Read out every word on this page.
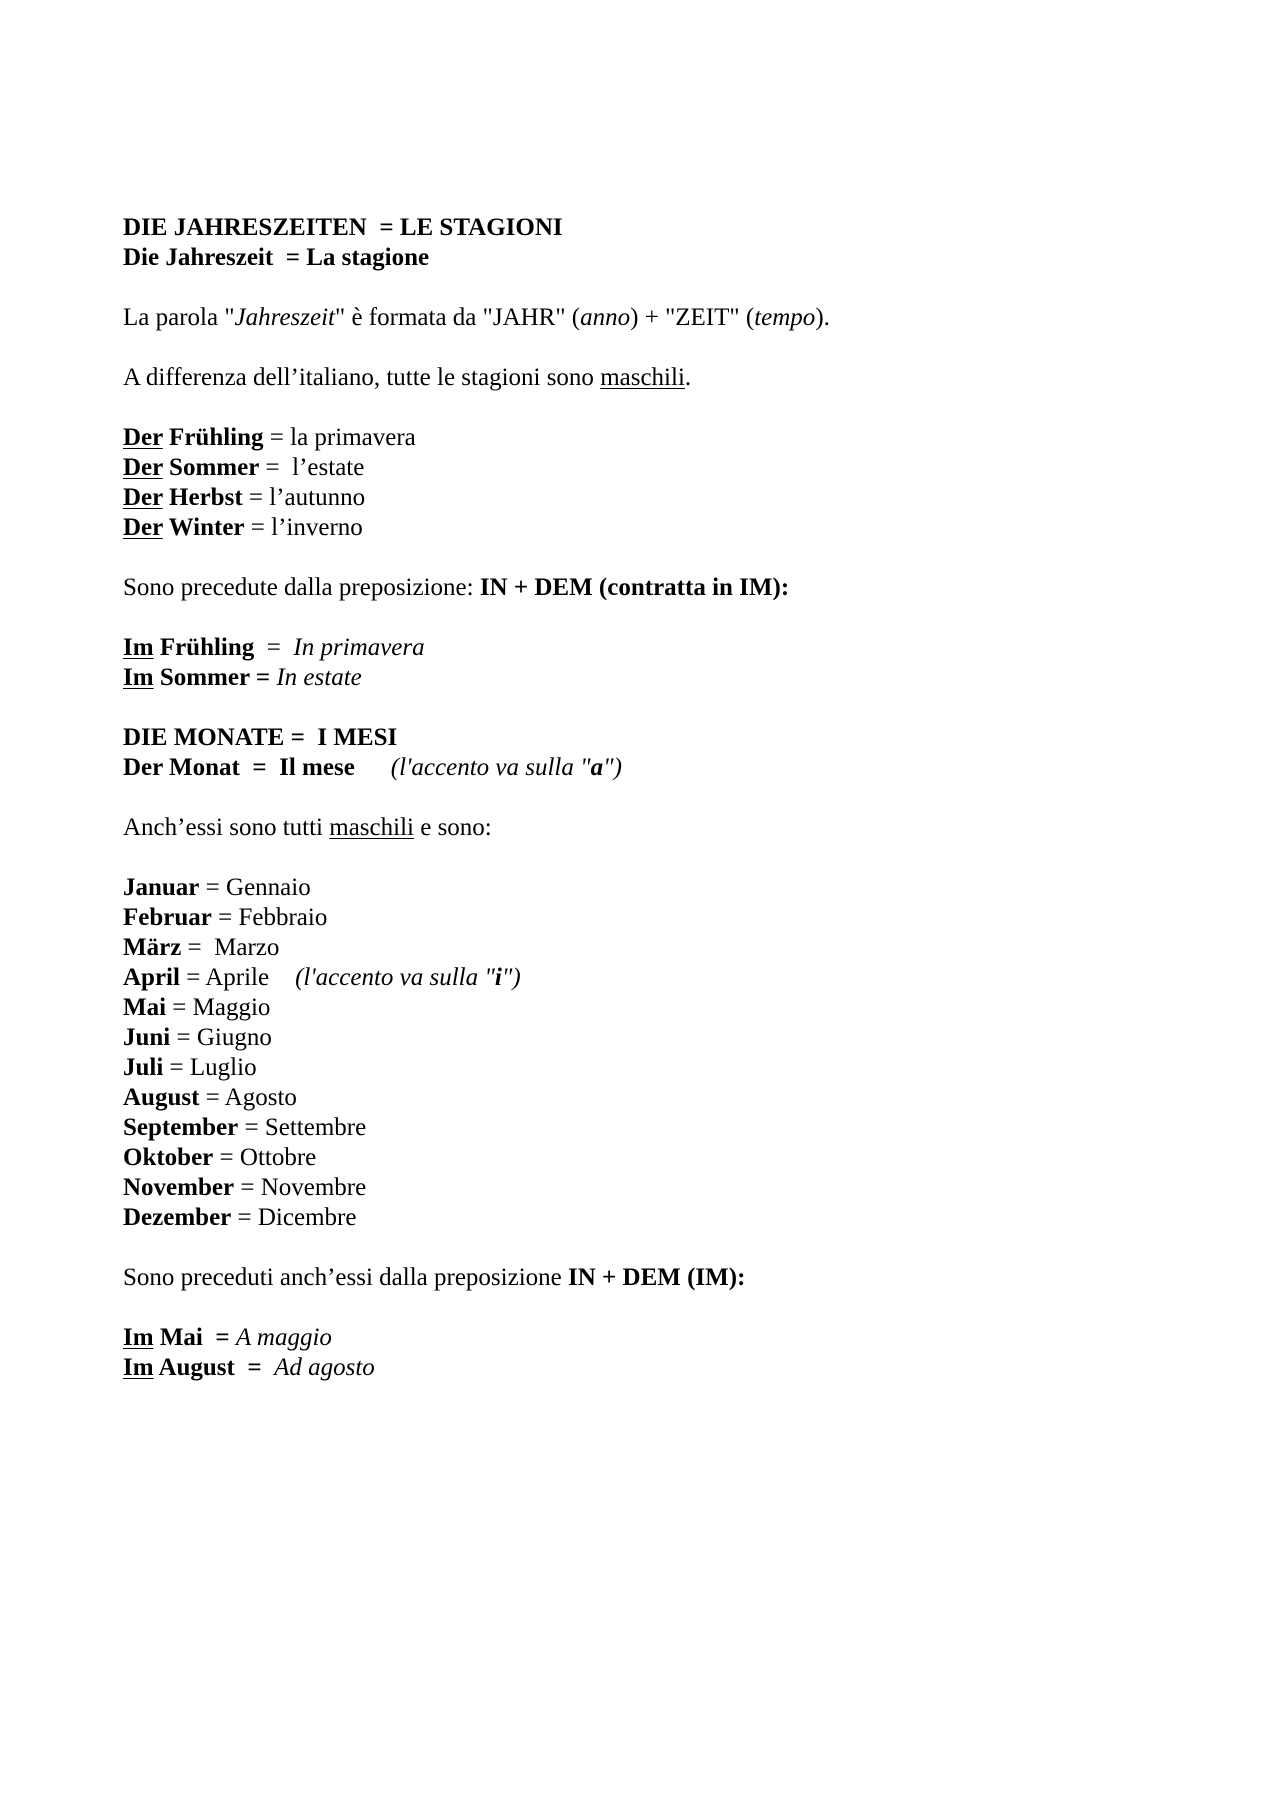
DIE JAHRESZEITEN = LE STAGIONI
Die Jahreszeit = La stagione
La parola "Jahreszeit" è formata da "JAHR" (anno) + "ZEIT" (tempo).
A differenza dell’italiano, tutte le stagioni sono maschili.
Der Frühling = la primavera
Der Sommer =  l’estate
Der Herbst = l’autunno
Der Winter = l’inverno
Sono precedute dalla preposizione: IN + DEM (contratta in IM):
Im Frühling  =  In primavera
Im Sommer = In estate
DIE MONATE = I MESI
Der Monat = Il mese (l'accento va sulla "a")
Anch’essi sono tutti maschili e sono:
Januar = Gennaio
Februar = Febbraio
März =  Marzo
April = Aprile (l'accento va sulla "i")
Mai = Maggio
Juni = Giugno
Juli = Luglio
August = Agosto
September = Settembre
Oktober = Ottobre
November = Novembre
Dezember = Dicembre
Sono preceduti anch’essi dalla preposizione IN + DEM (IM):
Im Mai  = A maggio
Im August  =  Ad agosto
